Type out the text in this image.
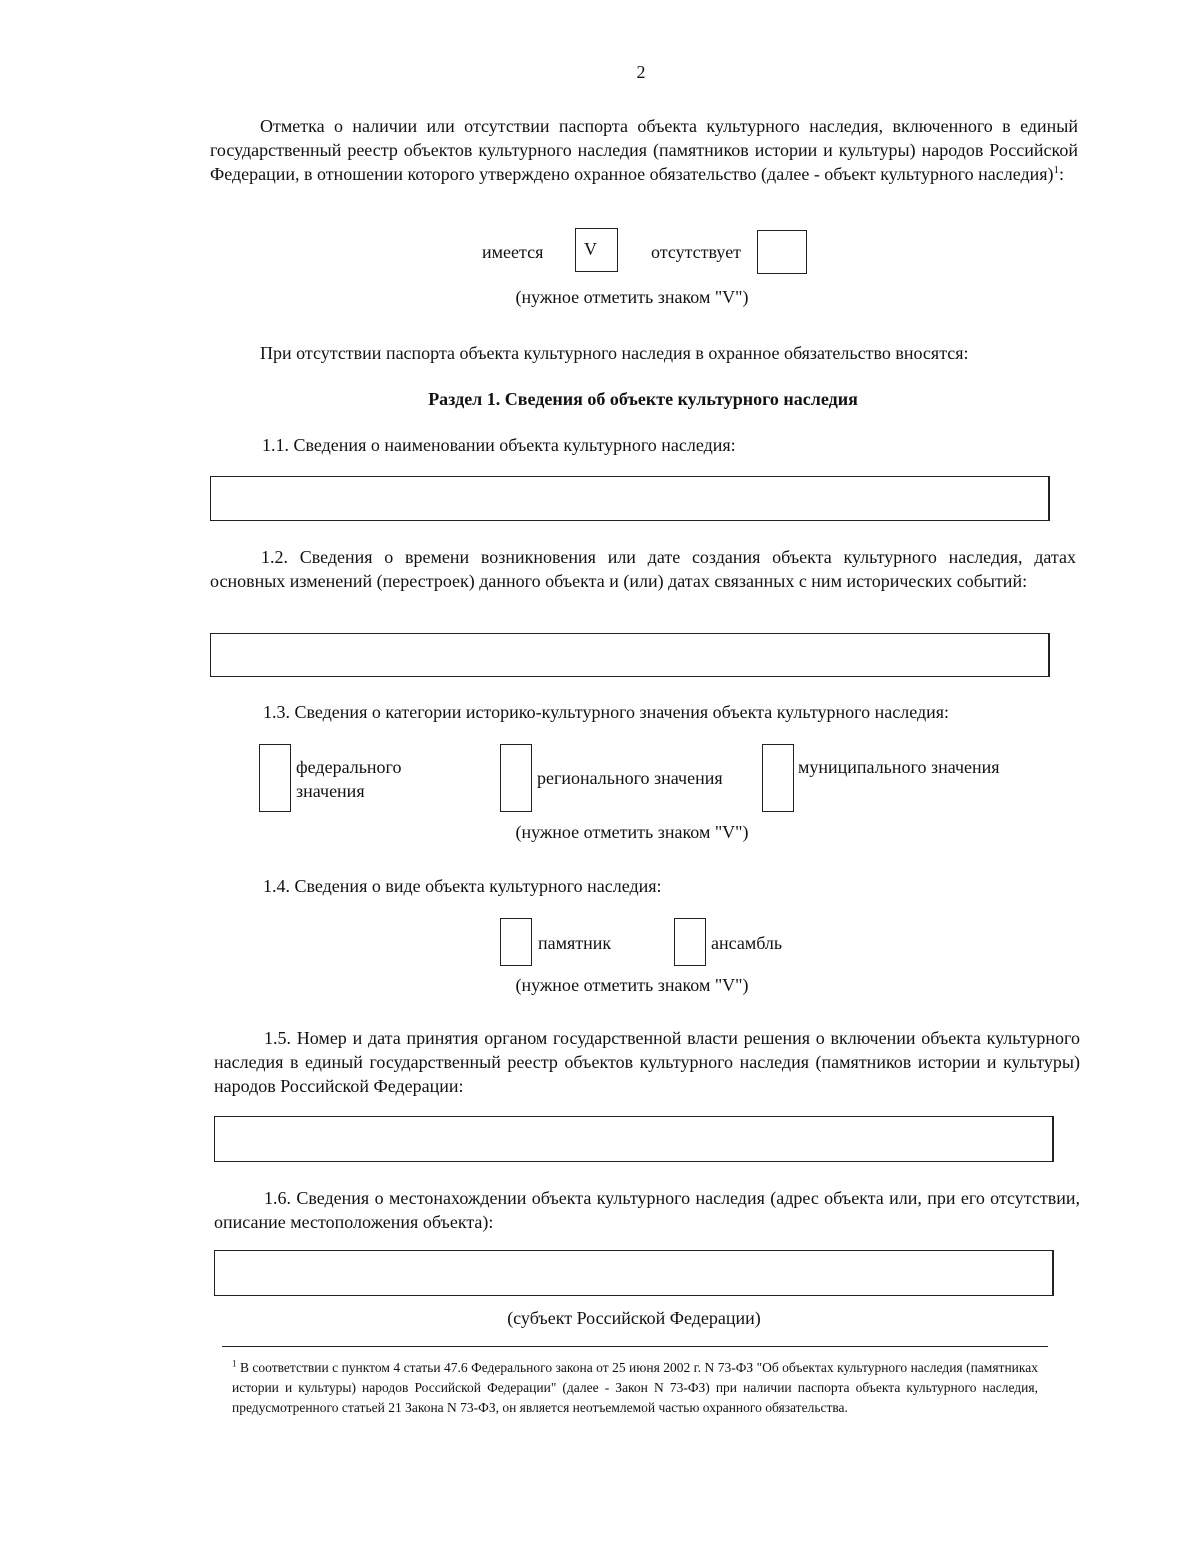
2
Отметка о наличии или отсутствии паспорта объекта культурного наследия, включенного в единый государственный реестр объектов культурного наследия (памятников истории и культуры) народов Российской Федерации, в отношении которого утверждено охранное обязательство (далее - объект культурного наследия)$^1$:
имеется V	отсутствует
(нужное отметить знаком "V")
При отсутствии паспорта объекта культурного наследия в охранное обязательство вносятся:
Раздел 1. Сведения об объекте культурного наследия
1.1. Сведения о наименовании объекта культурного наследия:
1.2. Сведения о времени возникновения или дате создания объекта культурного наследия, датах основных изменений (перестроек) данного объекта и (или) датах связанных с ним исторических событий:
1.3. Сведения о категории историко-культурного значения объекта культурного наследия:
федерального
значения
регионального значения
муниципального значения
(нужное отметить знаком "V")
1.4. Сведения о виде объекта культурного наследия:
памятник	ансамбль
(нужное отметить знаком "V")
1.5. Номер и дата принятия органом государственной власти решения о включении объекта культурного наследия в единый государственный реестр объектов культурного наследия (памятников истории и культуры) народов Российской Федерации:
1.6. Сведения о местонахождении объекта культурного наследия (адрес объекта или, при его отсутствии, описание местоположения объекта):
(субъект Российской Федерации)
$^1$ В соответствии с пунктом 4 статьи 47.6 Федерального закона от 25 июня 2002 г. N 73-ФЗ "Об объектах культурного наследия (памятниках истории и культуры) народов Российской Федерации" (далее - Закон N 73-ФЗ) при наличии паспорта объекта культурного наследия, предусмотренного статьей 21 Закона N 73-ФЗ, он является неотъемлемой частью охранного обязательства.
